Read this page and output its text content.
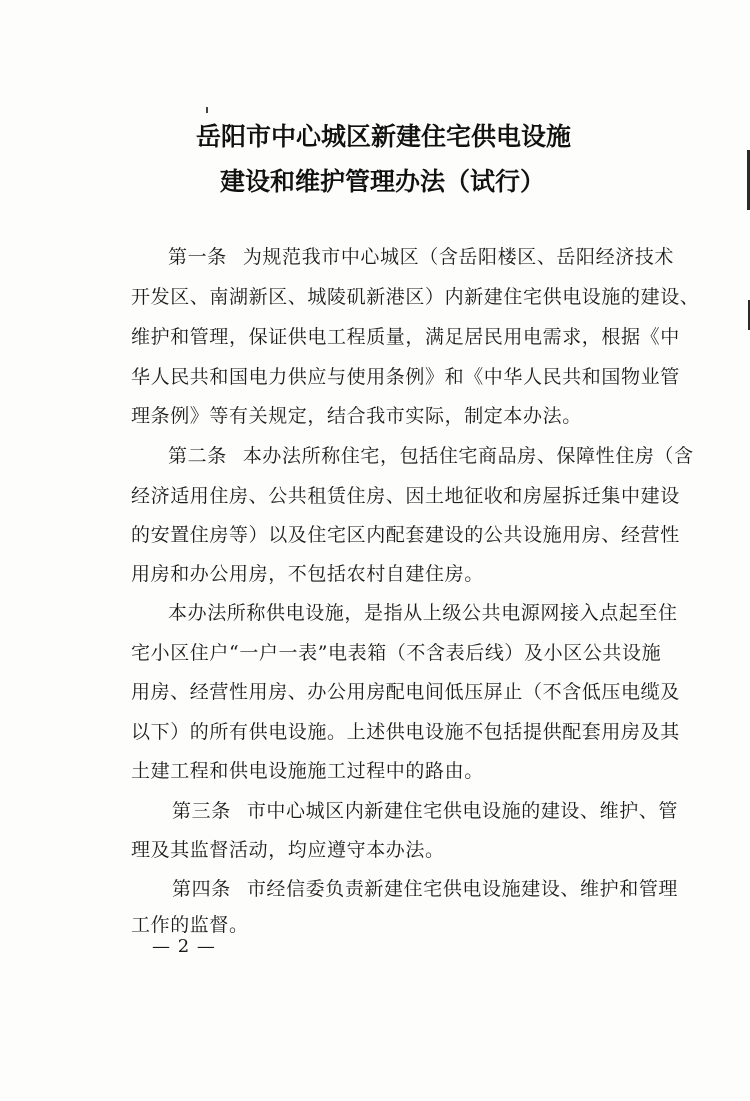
岳阳市中心城区新建住宅供电设施
建设和维护管理办法（试行）
第一条 为规范我市中心城区（含岳阳楼区、岳阳经济技术
开发区、南湖新区、城陵矶新港区）内新建住宅供电设施的建设、
维护和管理，保证供电工程质量，满足居民用电需求，根据《中
华人民共和国电力供应与使用条例》和《中华人民共和国物业管
理条例》等有关规定，结合我市实际，制定本办法。
第二条 本办法所称住宅，包括住宅商品房、保障性住房（含
经济适用住房、公共租赁住房、因土地征收和房屋拆迁集中建设
的安置住房等）以及住宅区内配套建设的公共设施用房、经营性
用房和办公用房，不包括农村自建住房。
本办法所称供电设施，是指从上级公共电源网接入点起至住
宅小区住户“一户一表”电表箱（不含表后线）及小区公共设施
用房、经营性用房、办公用房配电间低压屏止（不含低压电缆及
以下）的所有供电设施。上述供电设施不包括提供配套用房及其
土建工程和供电设施施工过程中的路由。
第三条 市中心城区内新建住宅供电设施的建设、维护、管
理及其监督活动，均应遵守本办法。
第四条 市经信委负责新建住宅供电设施建设、维护和管理
工作的监督。
— 2 —
